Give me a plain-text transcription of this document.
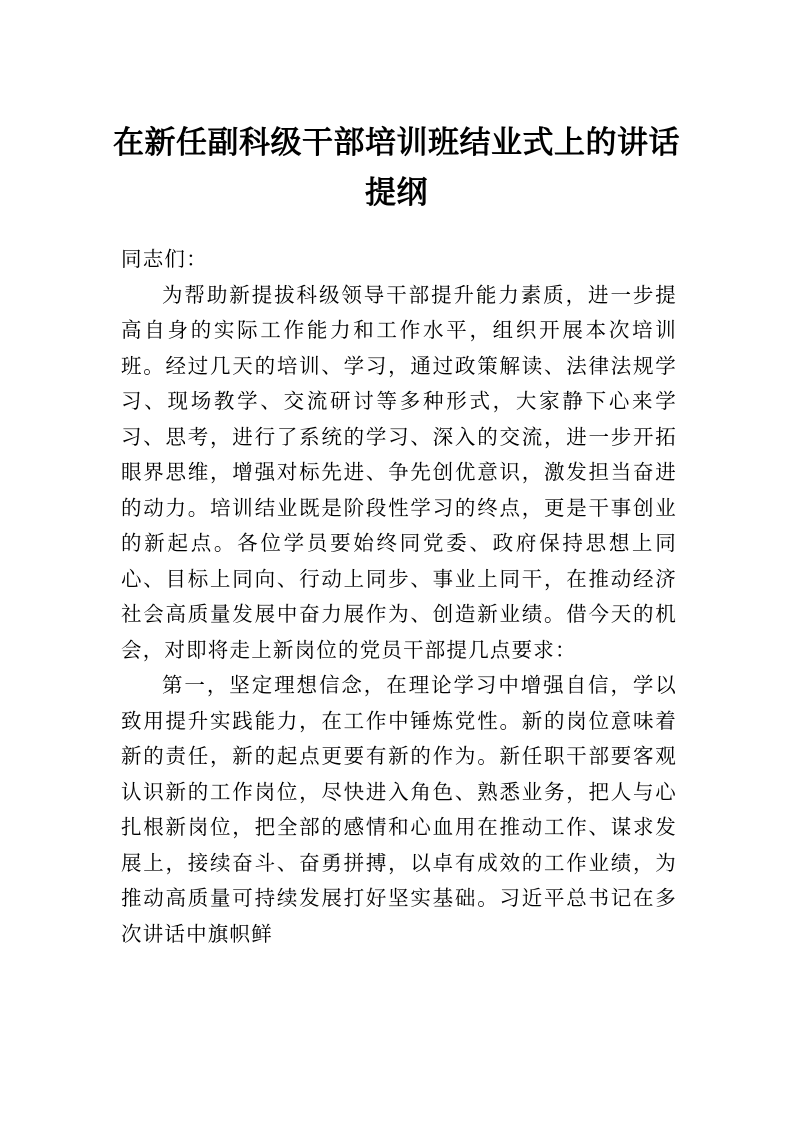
在新任副科级干部培训班结业式上的讲话提纲

同志们：

为帮助新提拔科级领导干部提升能力素质，进一步提高自身的实际工作能力和工作水平，组织开展本次培训班。经过几天的培训、学习，通过政策解读、法律法规学习、现场教学、交流研讨等多种形式，大家静下心来学习、思考，进行了系统的学习、深入的交流，进一步开拓眼界思维，增强对标先进、争先创优意识，激发担当奋进的动力。培训结业既是阶段性学习的终点，更是干事创业的新起点。各位学员要始终同党委、政府保持思想上同心、目标上同向、行动上同步、事业上同干，在推动经济社会高质量发展中奋力展作为、创造新业绩。借今天的机会，对即将走上新岗位的党员干部提几点要求：

第一，坚定理想信念，在理论学习中增强自信，学以致用提升实践能力，在工作中锤炼党性。新的岗位意味着新的责任，新的起点更要有新的作为。新任职干部要客观认识新的工作岗位，尽快进入角色、熟悉业务，把人与心扎根新岗位，把全部的感情和心血用在推动工作、谋求发展上，接续奋斗、奋勇拼搏，以卓有成效的工作业绩，为推动高质量可持续发展打好坚实基础。习近平总书记在多次讲话中旗帜鲜
